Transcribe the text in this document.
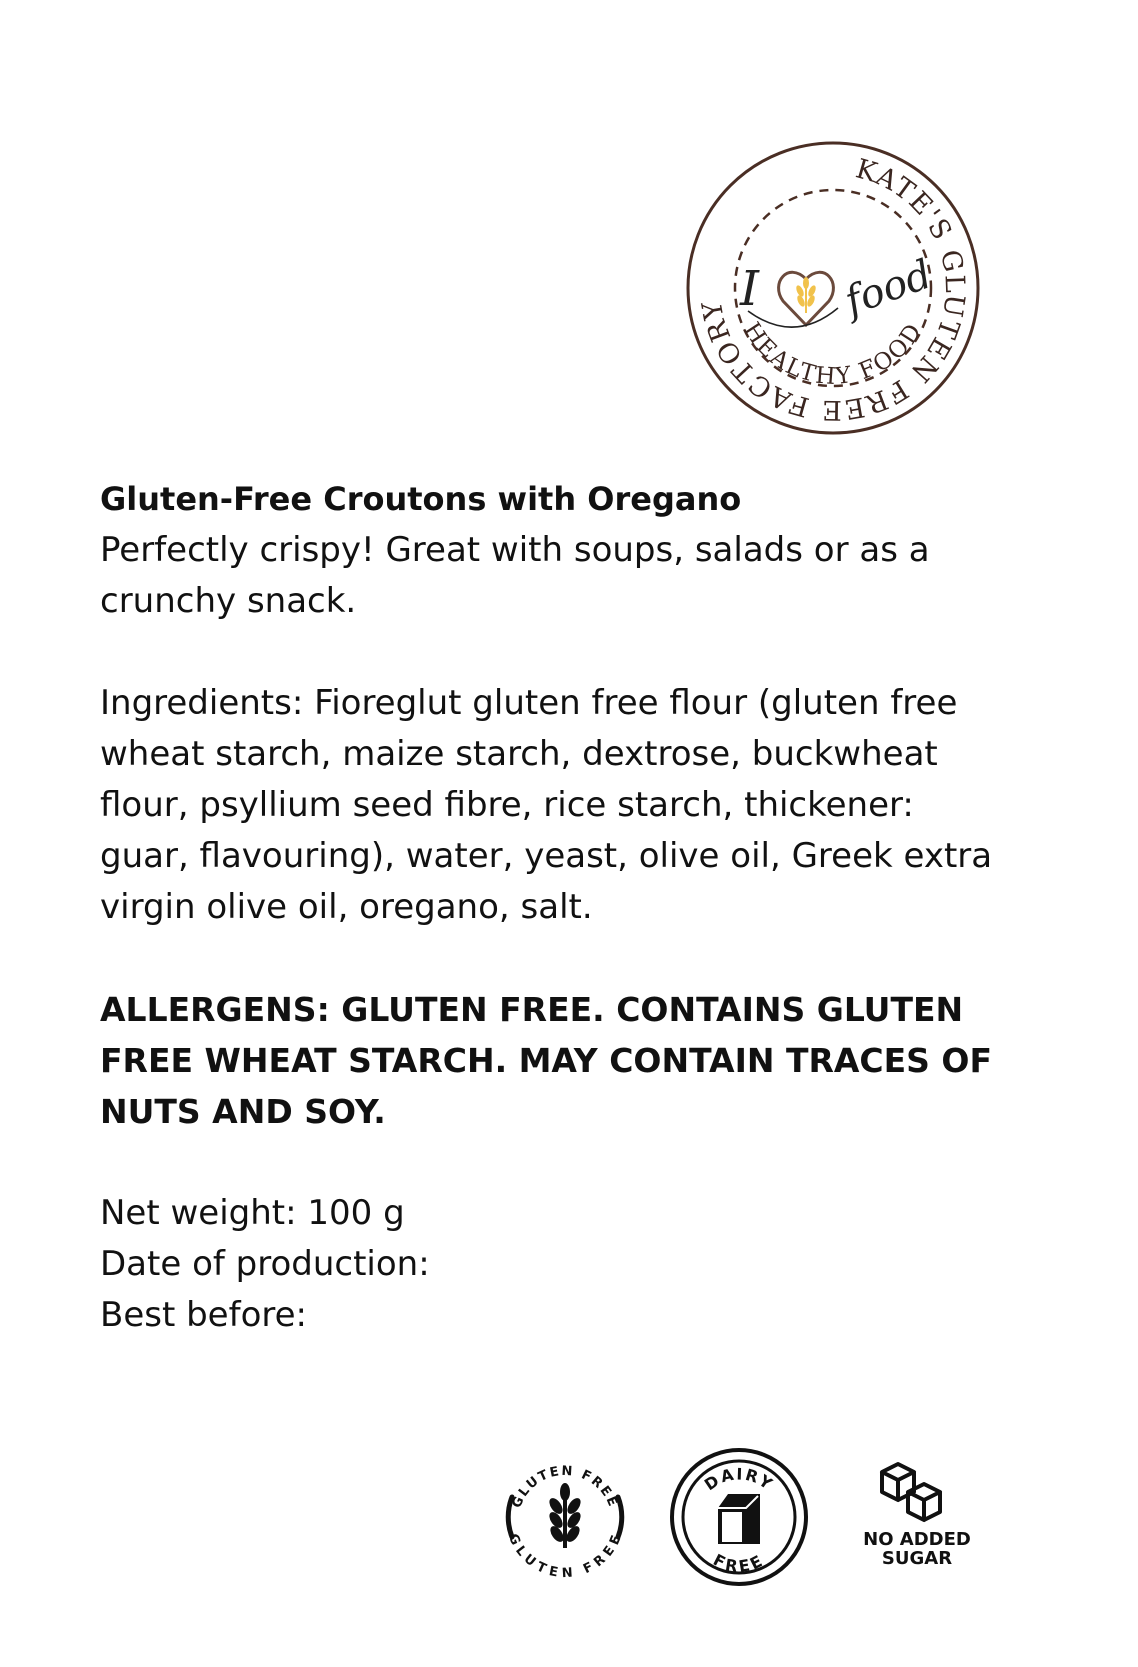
KATE'S GLUTEN FREE FACTORY
HEALTHY FOOD
I food

Gluten-Free Croutons with Oregano

Perfectly crispy! Great with soups, salads or as a

crunchy snack.

Ingredients: Fioreglut gluten free flour (gluten free

wheat starch, maize starch, dextrose, buckwheat

flour, psyllium seed fibre, rice starch, thickener:

guar, flavouring), water, yeast, olive oil, Greek extra

virgin olive oil, oregano, salt.

ALLERGENS: GLUTEN FREE. CONTAINS GLUTEN

FREE WHEAT STARCH. MAY CONTAIN TRACES OF

NUTS AND SOY.

Net weight: 100 g

Date of production:

Best before:

GLUTEN FREE
GLUTEN FREE
DAIRY
FREE
NO ADDED
SUGAR
